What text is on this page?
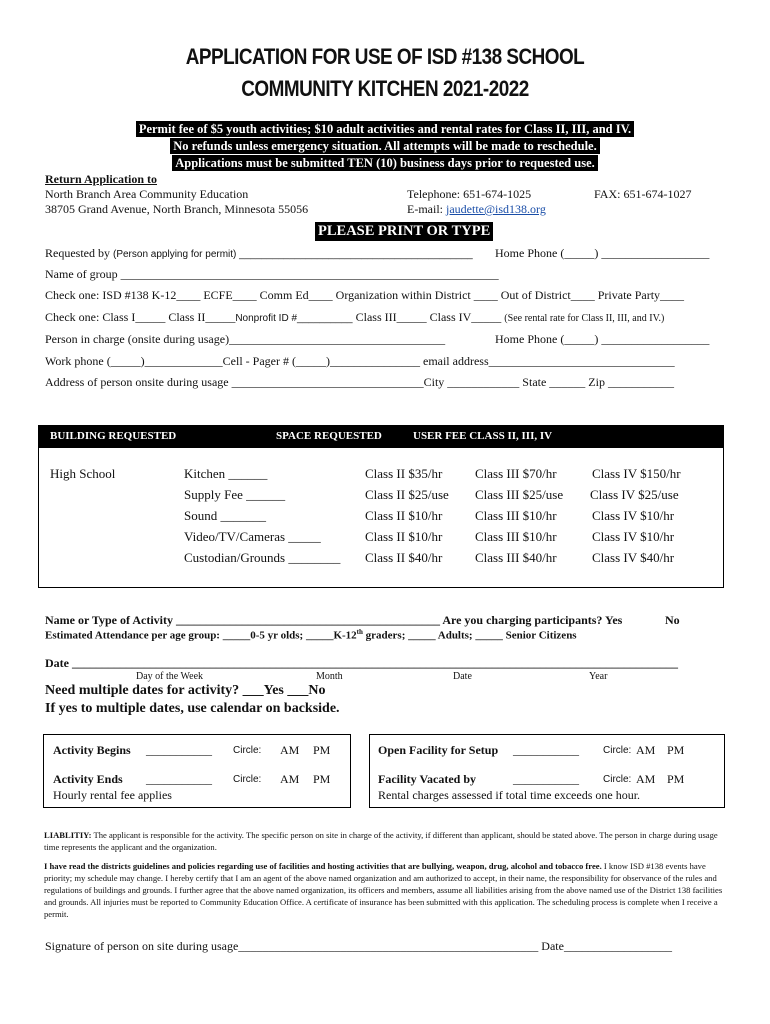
APPLICATION FOR USE OF ISD #138 SCHOOL
COMMUNITY KITCHEN 2021-2022
Permit fee of $5 youth activities; $10 adult activities and rental rates for Class II, III, and IV.
No refunds unless emergency situation. All attempts will be made to reschedule.
Applications must be submitted TEN (10) business days prior to requested use.
Return Application to
North Branch Area Community Education
38705 Grand Avenue, North Branch, Minnesota 55056
Telephone: 651-674-1025	FAX: 651-674-1027
E-mail: jaudette@isd138.org
PLEASE PRINT OR TYPE
Requested by (Person applying for permit) __________________________________________ Home Phone (_____) __________________
Name of group _______________________________________________________________
Check one: ISD #138 K-12____ ECFE____ Comm Ed____ Organization within District ____ Out of District____ Private Party____
Check one: Class I_____ Class II_____Nonprofit ID #__________ Class III_____ Class IV_____ (See rental rate for Class II, III, and IV.)
Person in charge (onsite during usage)____________________________________	Home Phone (_____) __________________
Work phone (_____)_____________Cell - Pager # (_____)_______________ email address_______________________________
Address of person onsite during usage ________________________________City ____________ State ______ Zip ___________
BUILDING REQUESTED	SPACE REQUESTED	USER FEE CLASS II, III, IV
High School	Kitchen ______	Class II $35/hr	Class III $70/hr	Class IV $150/hr
Supply Fee ______	Class II $25/use Class III $25/use Class IV $25/use
Sound _______	Class II $10/hr	Class III $10/hr	Class IV $10/hr
Video/TV/Cameras _____	Class II $10/hr	Class III $10/hr	Class IV $10/hr
Custodian/Grounds ________ Class II $40/hr	Class III $40/hr	Class IV $40/hr
Name or Type of Activity ____________________________________________ Are you charging participants? Yes	No
Estimated Attendance per age group: _____0-5 yr olds; _____K-12th graders; _____ Adults; _____ Senior Citizens
Date _____________________________________________________________________________________________________
Day of the Week	Month	Date	Year
Need multiple dates for activity? ___Yes ___No
If yes to multiple dates, use calendar on backside.
Activity Begins ___________ Circle: AM PM
Activity Ends ___________ Circle: AM PM
Hourly rental fee applies
Open Facility for Setup ___________ Circle: AM PM
Facility Vacated by	___________ Circle: AM PM
Rental charges assessed if total time exceeds one hour.
LIABLITIY: The applicant is responsible for the activity. The specific person on site in charge of the activity, if different than applicant, should be stated above. The person in charge during usage time represents the applicant and the organization.
I have read the districts guidelines and policies regarding use of facilities and hosting activities that are bullying, weapon, drug, alcohol and tobacco free. I know ISD #138 events have priority; my schedule may change. I hereby certify that I am an agent of the above named organization and am authorized to accept, in their name, the responsibility for observance of the rules and regulations of buildings and grounds. I further agree that the above named organization, its officers and members, assume all liabilities arising from the above named use of the District 138 facilities and grounds. All injuries must be reported to Community Education Office. A certificate of insurance has been submitted with this application. The scheduling process is complete when I receive a permit.
Signature of person on site during usage__________________________________________________ Date__________________
